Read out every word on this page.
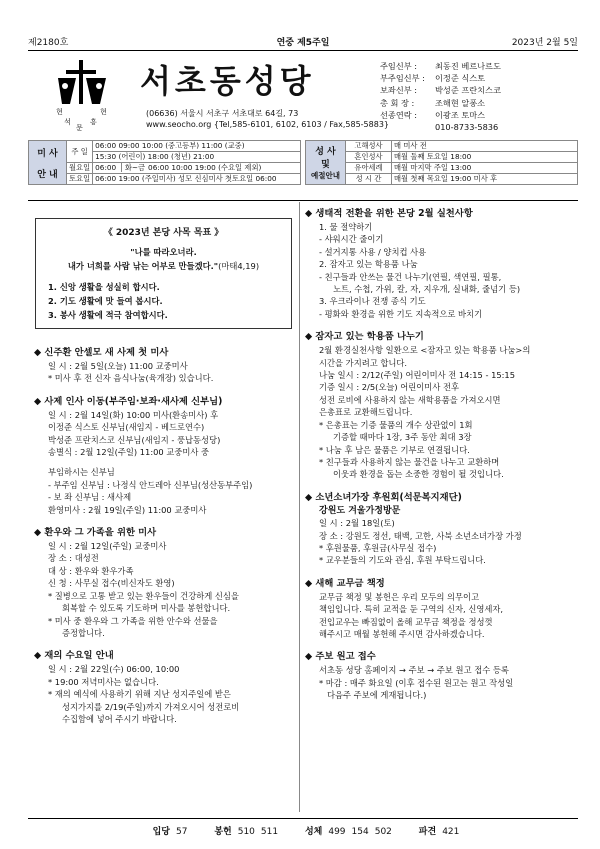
제2180호	연중 제5주일	2023년 2월 5일
현	현
석
문
흥
서초동성당
(06636) 서울시 서초구 서초대로 64길, 73
www.seocho.org {Tel,585-6101, 6102, 6103 / Fax,585-5883}
주임신부 : 최동진 베르나르도
부주임신부 : 이정준 식스토
보좌신부 : 박성준 프란치스코
총 회 장 :	조해현 알퐁소
선종연락 : 이광조 토마스
010-8733-5836
미 사
안 내	주 일	06:00 09:00 10:00 (중고등부) 11:00 (교중)
		15:30 (어린이) 18:00 (청년) 21:00
	월요일	06:00 화~금 06:00 10:00 19:00 (수요일 제외)
	토요일	06:00 19:00 (주일미사) 성모 신심미사 첫토요일 06:00
성 사
및
예절안내	고해성사	매 미사 전
	혼인성사	매월 둘째 토요일 18:00
	유아세례	매월 마지막 주일 13:00
	성 시 간	매월 첫째 목요일 19:00 미사 후

《 2023년 본당 사목 목표 》

"나를 따라오너라.

내가 너희를 사람 낚는 어부로 만들겠다."(마태4,19)

1. 신앙 생활을 성실히 합시다.

2. 기도 생활에 맛 들여 봅시다.

3. 봉사 생활에 적극 참여합시다.

◆ 신주환 안셀모 새 사제 첫 미사

일 시 : 2월 5일(오늘) 11:00 교중미사

* 미사 후 전 신자 음식나눔(육개장) 있습니다.

◆ 사제 인사 이동(부주임·보좌·새사제 신부님)

일 시 : 2월 14일(화) 10:00 미사(환송미사) 후

이정준 식스토 신부님(새임지 - 베드로연수)

박성준 프란치스코 신부님(새임지 - 풍납동성당)

송별식 : 2월 12일(주일) 11:00 교중미사 중

부임하시는 신부님

- 부주임 신부님 : 나정식 안드레아 신부님(성산동부주임)

- 보 좌 신부님 : 새사제

환영미사 : 2월 19일(주일) 11:00 교중미사

◆ 환우와 그 가족을 위한 미사

일 시 : 2월 12일(주일) 교중미사

장 소 : 대성전

대 상 : 환우와 환우가족

신 청 : 사무실 접수(비신자도 환영)

* 질병으로 고통 받고 있는 환우들이 건강하게 신심을

회복할 수 있도록 기도하며 미사를 봉헌합니다.

* 미사 중 환우와 그 가족을 위한 안수와 선물을

증정합니다.

◆ 재의 수요일 안내

일 시 : 2월 22일(수) 06:00, 10:00

* 19:00 저녁미사는 없습니다.

* 재의 예식에 사용하기 위해 지난 성지주일에 받은

성지가지를 2/19(주일)까지 가져오시어 성전로비

수집함에 넣어 주시기 바랍니다.

◆ 생태적 전환을 위한 본당 2월 실천사항

1. 물 절약하기

- 샤워시간 줄이기

- 설거지통 사용 / 양치컵 사용

2. 잠자고 있는 학용품 나눔

- 친구들과 안쓰는 물건 나누기(연필, 색연필, 필통,

노트, 수첩, 가위, 칼, 자, 지우개, 실내화, 줄넘기 등)

3. 우크라이나 전쟁 종식 기도

- 평화와 환경을 위한 기도 지속적으로 바치기

◆ 잠자고 있는 학용품 나누기

2월 환경실천사항 일환으로 <잠자고 있는 학용품 나눔>의

시간을 가지려고 합니다.

나눔 일시 : 2/12(주일) 어린이미사 전 14:15 - 15:15

기증 일시 : 2/5(오늘) 어린이미사 전후

성전 로비에 사용하지 않는 새학용품을 가져오시면

은총표로 교환해드립니다.

* 은총표는 기증 물품의 개수 상관없이 1회

기증할 때마다 1장, 3주 동안 최대 3장

* 나눔 후 남은 물품은 기부로 연결됩니다.

* 친구들과 사용하지 않는 물건을 나누고 교환하며

이웃과 환경을 돕는 소중한 경험이 될 것입니다.

◆ 소년소녀가장 후원회(석문복지재단)

강원도 겨울가정방문

일 시 : 2월 18일(토)

장 소 : 강원도 정선, 태백, 고한, 사북 소년소녀가장 가정

* 후원물품, 후원금(사무실 접수)

* 교우분들의 기도와 관심, 후원 부탁드립니다.

◆ 새해 교무금 책정

교무금 책정 및 봉헌은 우리 모두의 의무이고

책임입니다. 특히 교적을 둔 구역의 신자, 신영세자,

전입교우는 빠짐없이 올해 교무금 책정을 정성껏

해주시고 매월 봉헌해 주시면 감사하겠습니다.

◆ 주보 원고 접수

서초동 성당 홈페이지 → 주보 → 주보 원고 접수 등록

* 마감 : 매주 화요일 (이후 접수된 원고는 원고 작성일

다음주 주보에 게재됩니다.)

입당 57	봉헌 510 511	성체 499 154 502	파견 421
